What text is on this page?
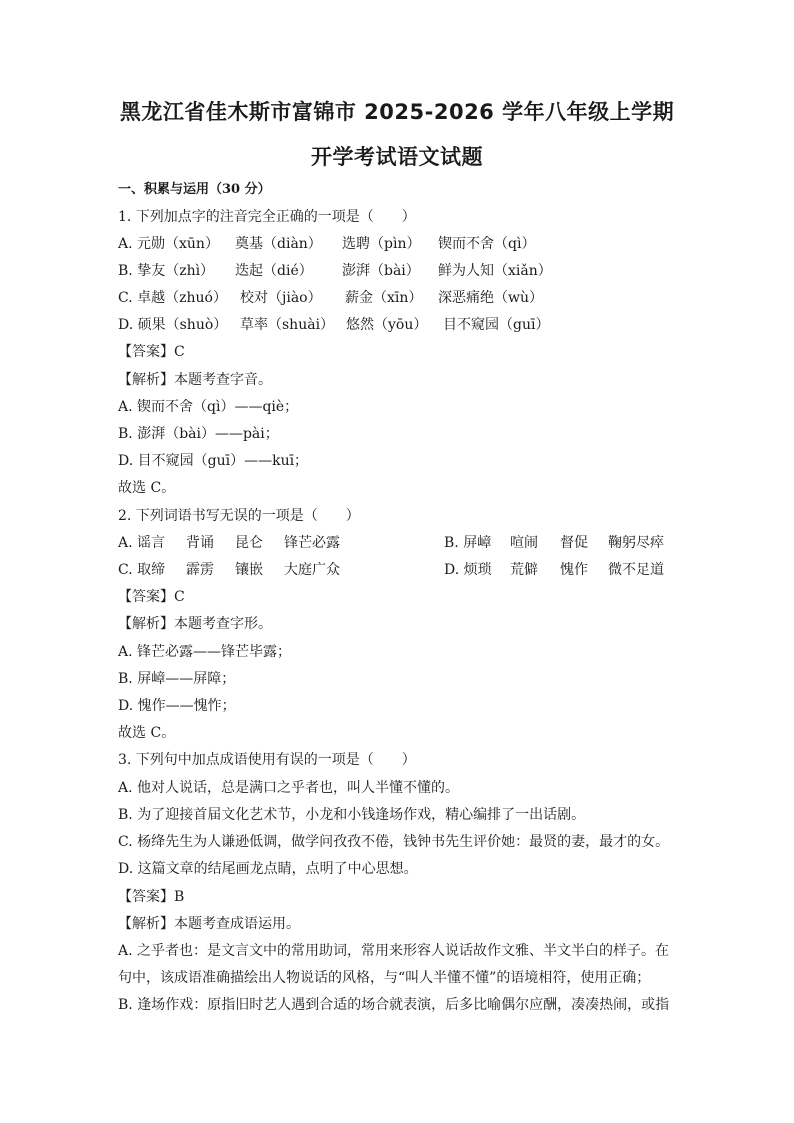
黑龙江省佳木斯市富锦市 2025-2026 学年八年级上学期
开学考试语文试题
一、积累与运用（30 分）
1. 下列加点字的注音完全正确的一项是（　　）
A. 元勋（xūn） 奠基（diàn） 选聘（pìn） 锲而不舍（qì）
B. 挚友（zhì） 迭起（dié） 澎湃（bài） 鲜为人知（xiǎn）
C. 卓越（zhuó） 校对（jiào） 薪金（xīn） 深恶痛绝（wù）
D. 硕果（shuò） 草率（shuài） 悠然（yōu） 目不窥园（guī）
【答案】C
【解析】本题考查字音。
A. 锲而不舍（qì）——qiè；
B. 澎湃（bài）——pài；
D. 目不窥园（guī）——kuī；
故选 C。
2. 下列词语书写无误的一项是（　　）
A. 谣言 背诵 昆仑 锋芒必露	B. 屏嶂 喧闹 督促 鞠躬尽瘁
C. 取缔 霹雳 镶嵌 大庭广众	D. 烦琐 荒僻 愧作 微不足道
【答案】C
【解析】本题考查字形。
A. 锋芒必露——锋芒毕露；
B. 屏嶂——屏障；
D. 愧作——愧怍；
故选 C。
3. 下列句中加点成语使用有误的一项是（　　）
A. 他对人说话，总是满口之乎者也，叫人半懂不懂的。
B. 为了迎接首届文化艺术节，小龙和小钱逢场作戏，精心编排了一出话剧。
C. 杨绛先生为人谦逊低调，做学问孜孜不倦，钱钟书先生评价她：最贤的妻，最才的女。
D. 这篇文章的结尾画龙点睛，点明了中心思想。
【答案】B
【解析】本题考查成语运用。
A. 之乎者也：是文言文中的常用助词，常用来形容人说话故作文雅、半文半白的样子。在
句中，该成语准确描绘出人物说话的风格，与“叫人半懂不懂”的语境相符，使用正确；
B. 逢场作戏：原指旧时艺人遇到合适的场合就表演，后多比喻偶尔应酬，凑凑热闹，或指
